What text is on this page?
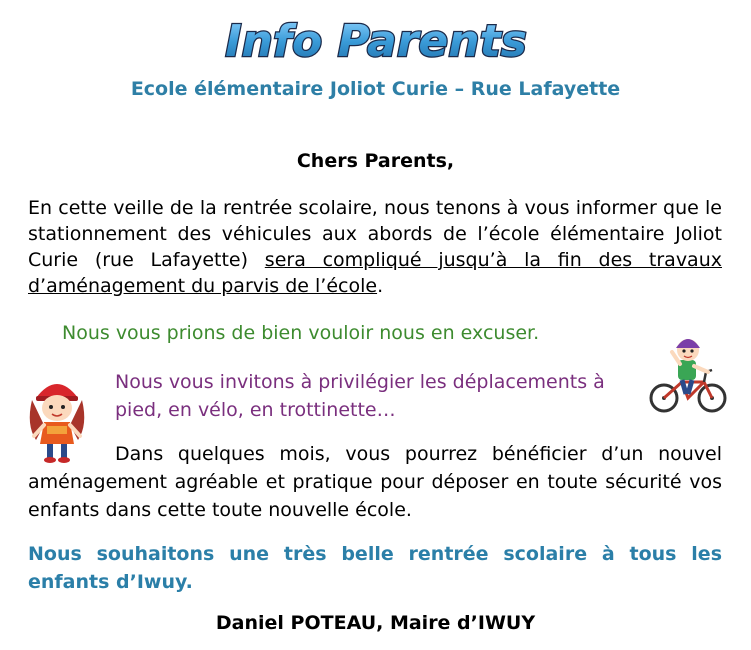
Info Parents
Ecole élémentaire Joliot Curie – Rue Lafayette
Chers Parents,
En cette veille de la rentrée scolaire, nous tenons à vous informer que le stationnement des véhicules aux abords de l’école élémentaire Joliot Curie (rue Lafayette) sera compliqué jusqu’à la fin des travaux d’aménagement du parvis de l’école.
Nous vous prions de bien vouloir nous en excuser.
Nous vous invitons à privilégier les déplacements à pied, en vélo, en trottinette…
Dans quelques mois, vous pourrez bénéficier d’un nouvel aménagement agréable et pratique pour déposer en toute sécurité vos enfants dans cette toute nouvelle école.
Nous souhaitons une très belle rentrée scolaire à tous les enfants d’Iwuy.
Daniel POTEAU, Maire d’IWUY
